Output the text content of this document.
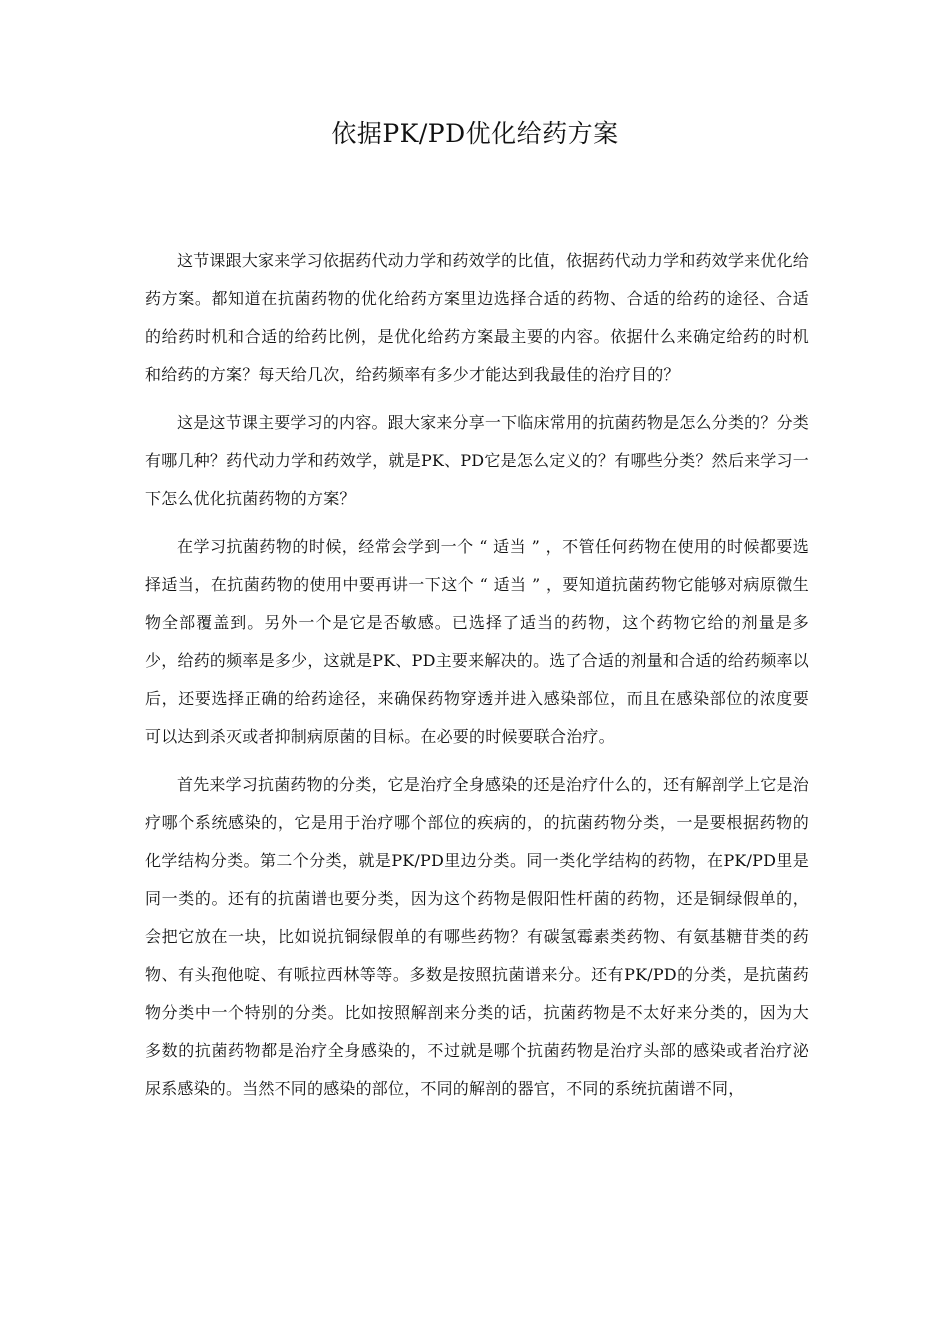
依据PK/PD优化给药方案

这节课跟大家来学习依据药代动力学和药效学的比值，依据药代动力学和药效学来优化给药方案。都知道在抗菌药物的优化给药方案里边选择合适的药物、合适的给药的途径、合适的给药时机和合适的给药比例，是优化给药方案最主要的内容。依据什么来确定给药的时机和给药的方案？每天给几次，给药频率有多少才能达到我最佳的治疗目的？

这是这节课主要学习的内容。跟大家来分享一下临床常用的抗菌药物是怎么分类的？分类有哪几种？药代动力学和药效学，就是PK、PD它是怎么定义的？有哪些分类？然后来学习一下怎么优化抗菌药物的方案？

在学习抗菌药物的时候，经常会学到一个 “ 适当 ” ，不管任何药物在使用的时候都要选择适当，在抗菌药物的使用中要再讲一下这个 “ 适当 ” ，要知道抗菌药物它能够对病原微生物全部覆盖到。另外一个是它是否敏感。已选择了适当的药物，这个药物它给的剂量是多少，给药的频率是多少，这就是PK、PD主要来解决的。选了合适的剂量和合适的给药频率以后，还要选择正确的给药途径，来确保药物穿透并进入感染部位，而且在感染部位的浓度要可以达到杀灭或者抑制病原菌的目标。在必要的时候要联合治疗。

首先来学习抗菌药物的分类，它是治疗全身感染的还是治疗什么的，还有解剖学上它是治疗哪个系统感染的，它是用于治疗哪个部位的疾病的，的抗菌药物分类，一是要根据药物的化学结构分类。第二个分类，就是PK/PD里边分类。同一类化学结构的药物，在PK/PD里是同一类的。还有的抗菌谱也要分类，因为这个药物是假阳性杆菌的药物，还是铜绿假单的，会把它放在一块，比如说抗铜绿假单的有哪些药物？有碳氢霉素类药物、有氨基糖苷类的药物、有头孢他啶、有哌拉西林等等。多数是按照抗菌谱来分。还有PK/PD的分类，是抗菌药物分类中一个特别的分类。比如按照解剖来分类的话，抗菌药物是不太好来分类的，因为大多数的抗菌药物都是治疗全身感染的，不过就是哪个抗菌药物是治疗头部的感染或者治疗泌尿系感染的。当然不同的感染的部位，不同的解剖的器官，不同的系统抗菌谱不同，
